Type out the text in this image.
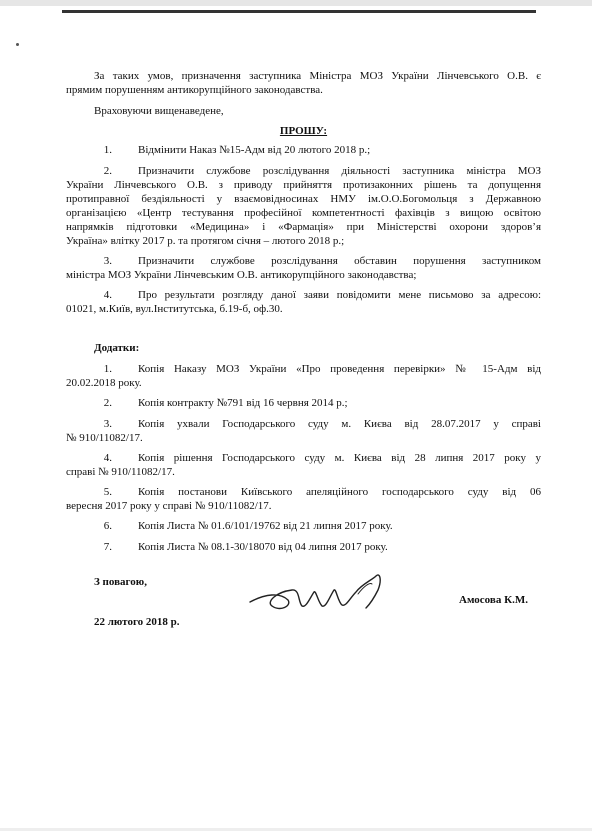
За таких умов, призначення заступника Міністра МОЗ України Лінчевського О.В. є
прямим порушенням антикорупційного законодавства.
Враховуючи вищенаведене,
ПРОШУ:
1. Відмінити Наказ №15-Адм від 20 лютого 2018 р.;
2. Призначити службове розслідування діяльності заступника міністра МОЗ
України Лінчевського О.В. з приводу прийняття протизаконних рішень та допущення
протиправної бездіяльності у взаємовідносинах НМУ ім.О.О.Богомольця з Державною
організацією «Центр тестування професійної компетентності фахівців з вищою освітою
напрямків підготовки «Медицина» і «Фармація» при Міністерстві охорони здоров’я
Україна» влітку 2017 р. та протягом січня – лютого 2018 р.;
3. Призначити службове розслідування обставин порушення заступником
міністра МОЗ України Лінчевським О.В. антикорупційного законодавства;
4. Про результати розгляду даної заяви повідомити мене письмово за адресою:
01021, м.Київ, вул.Інститутська, б.19-б, оф.30.
Додатки:
1. Копія Наказу МОЗ України «Про проведення перевірки» № 15-Адм від
20.02.2018 року.
2. Копія контракту №791 від 16 червня 2014 р.;
3. Копія ухвали Господарського суду м. Києва від 28.07.2017 у справі
№ 910/11082/17.
4. Копія рішення Господарського суду м. Києва від 28 липня 2017 року у
справі № 910/11082/17.
5. Копія постанови Київського апеляційного господарського суду від 06
вересня 2017 року у справі № 910/11082/17.
6. Копія Листа № 01.6/101/19762 від 21 липня 2017 року.
7. Копія Листа № 08.1-30/18070 від 04 липня 2017 року.
З повагою,
22 лютого 2018 р.
Амосова К.М.
